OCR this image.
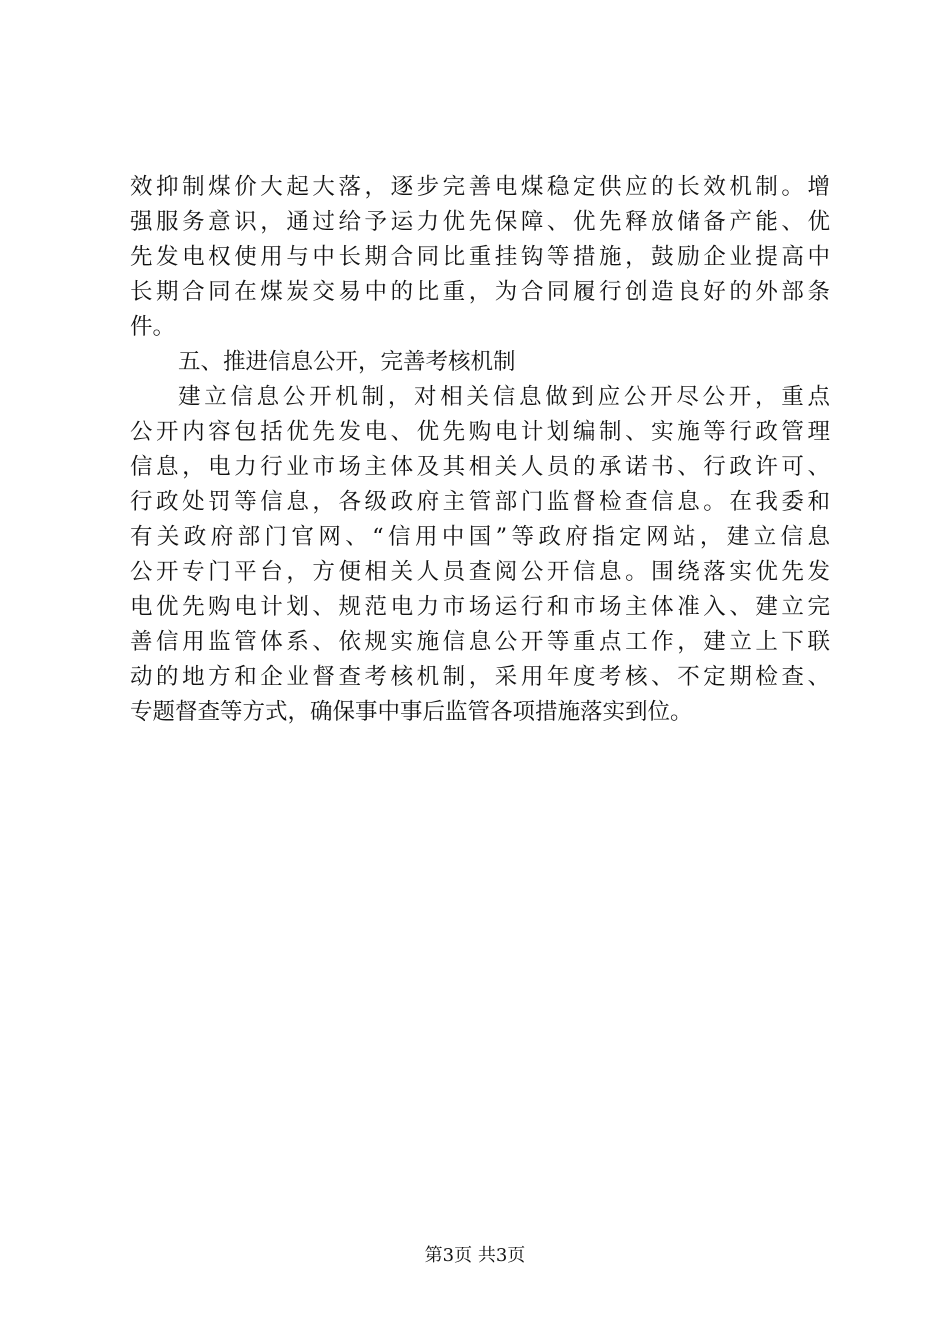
效抑制煤价大起大落，逐步完善电煤稳定供应的长效机制。增
强服务意识，通过给予运力优先保障、优先释放储备产能、优
先发电权使用与中长期合同比重挂钩等措施，鼓励企业提高中
长期合同在煤炭交易中的比重，为合同履行创造良好的外部条
件。
五、推进信息公开，完善考核机制
建立信息公开机制，对相关信息做到应公开尽公开，重点
公开内容包括优先发电、优先购电计划编制、实施等行政管理
信息，电力行业市场主体及其相关人员的承诺书、行政许可、
行政处罚等信息，各级政府主管部门监督检查信息。在我委和
有关政府部门官网、“信用中国”等政府指定网站，建立信息
公开专门平台，方便相关人员查阅公开信息。围绕落实优先发
电优先购电计划、规范电力市场运行和市场主体准入、建立完
善信用监管体系、依规实施信息公开等重点工作，建立上下联
动的地方和企业督查考核机制，采用年度考核、不定期检查、
专题督查等方式，确保事中事后监管各项措施落实到位。
第3页 共3页
